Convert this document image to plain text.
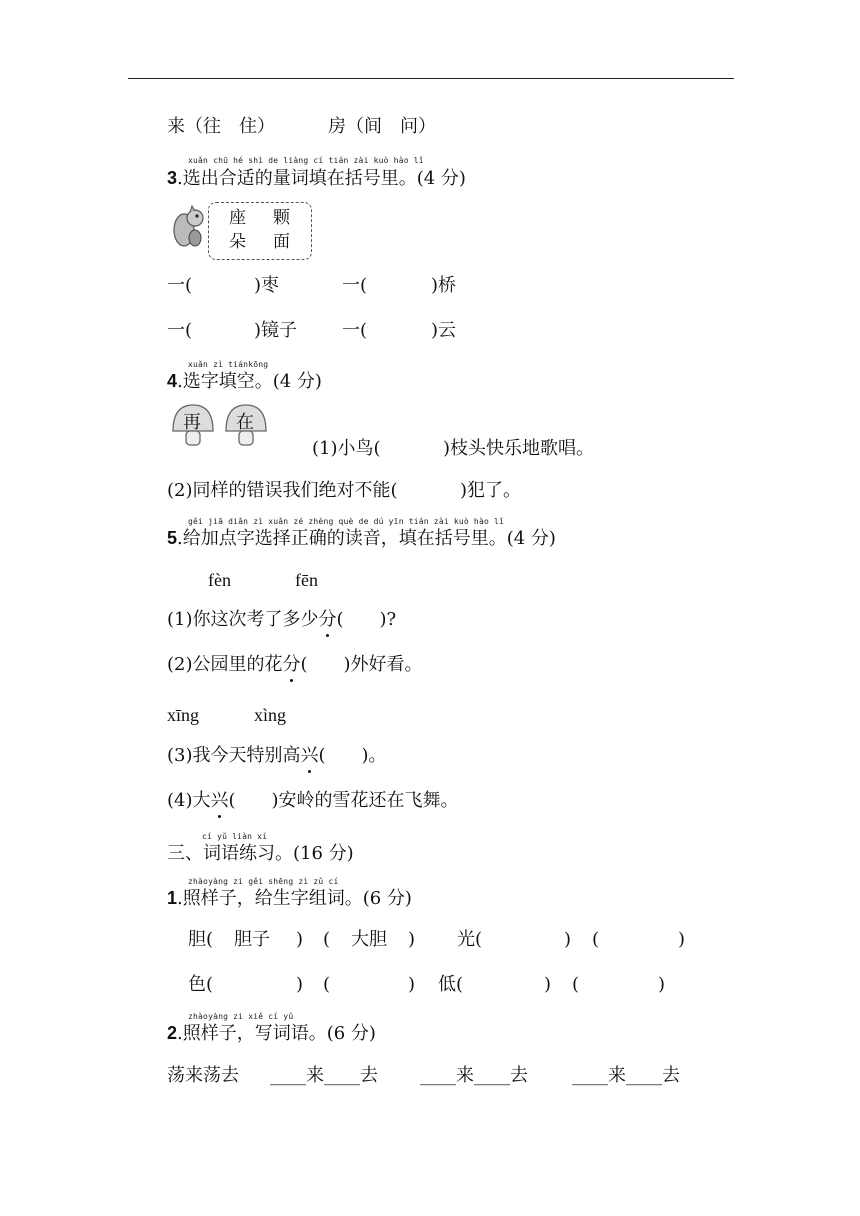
来（往　住）	房（间　问）
xuǎn chū hé shì de liàng cí tián zài kuò hào lǐ
3.选出合适的量词填在括号里。(4 分)
座 颗
朵 面
一(	)枣	一(	)桥
一(	)镜子 一(	)云
xuǎn zì tiánkōng
4.选字填空。(4 分)
再 在
(1)小鸟(	)枝头快乐地歌唱。
(2)同样的错误我们绝对不能(	)犯了。
gěi jiā diǎn zì xuǎn zé zhèng què de dú yīn tián zài kuò hào lǐ
5.给加点字选择正确的读音，填在括号里。(4 分)
fèn	fēn
(1)你这次考了多少分(　　)?
(2)公园里的花分(　　)外好看。
xīng	xìng
(3)我今天特别高兴(　　)。
(4)大兴(　　)安岭的雪花还在飞舞。
cí yǔ liàn xí
三、词语练习。(16 分)
zhàoyàng zi gěi shēng zì zǔ cí
1.照样子，给生字组词。(6 分)
胆( 胆子 ) ( 大胆 ) 光(	) (	)
色(	) (	) 低(	) (	)
zhàoyàng zi xiě cí yǔ
2.照样子，写词语。(6 分)
荡来荡去 ____来____去 ____来____去 ____来____去
